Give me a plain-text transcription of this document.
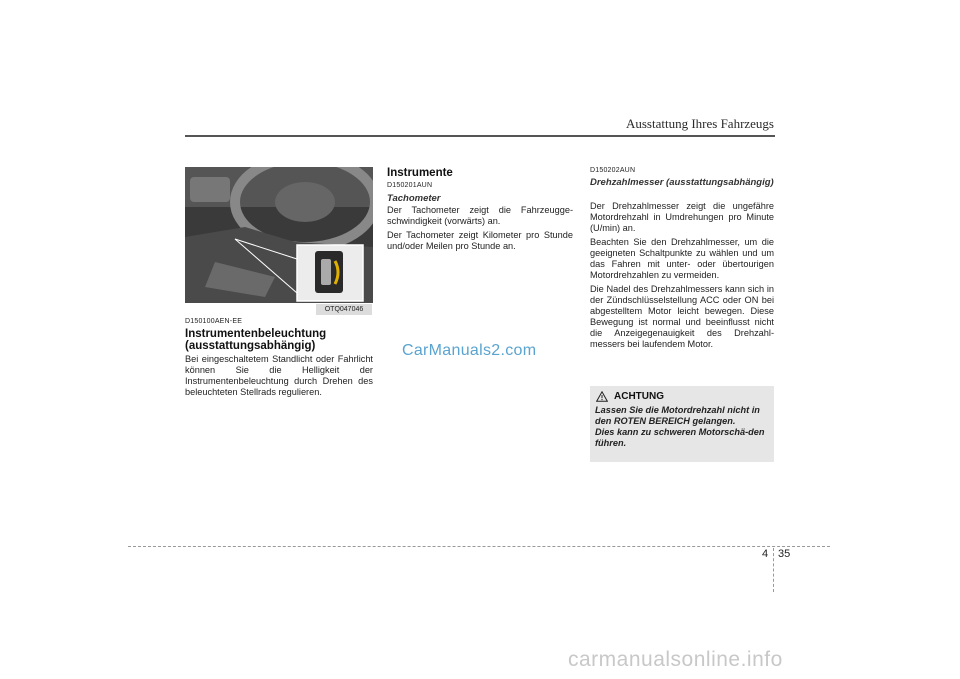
Ausstattung Ihres Fahrzeugs
OTQ047046
D150100AEN-EE
Instrumentenbeleuchtung (ausstattungsabhängig)
Bei eingeschaltetem Standlicht oder Fahrlicht können Sie die Helligkeit der Instrumentenbeleuchtung durch Drehen des beleuchteten Stellrads regulieren.
Instrumente
D150201AUN
Tachometer

Der Tachometer zeigt die Fahrzeugge-schwindigkeit (vorwärts) an.

Der Tachometer zeigt Kilometer pro Stunde und/oder Meilen pro Stunde an.

CarManuals2.com
D150202AUN
Drehzahlmesser (ausstattungsabhängig)

Der Drehzahlmesser zeigt die ungefähre Motordrehzahl in Umdrehungen pro Minute (U/min) an.

Beachten Sie den Drehzahlmesser, um die geeigneten Schaltpunkte zu wählen und um das Fahren mit unter- oder übertourigen Motordrehzahlen zu vermeiden.

Die Nadel des Drehzahlmessers kann sich in der Zündschlüsselstellung ACC oder ON bei abgestelltem Motor leicht bewegen. Diese Bewegung ist normal und beeinflusst nicht die Anzeigegenauigkeit des Drehzahl-messers bei laufendem Motor.

ACHTUNG
Lassen Sie die Motordrehzahl nicht in den ROTEN BEREICH gelangen.
Dies kann zu schweren Motorschä-den führen.
4 35
carmanualsonline.info
